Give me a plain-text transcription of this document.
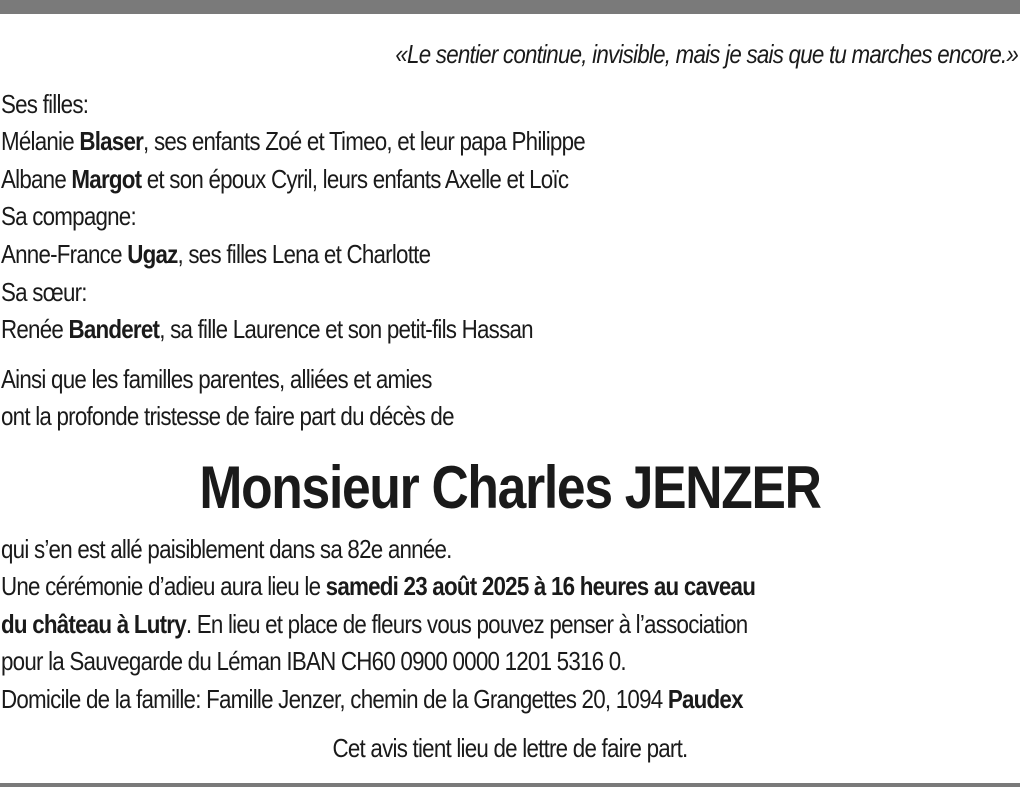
«Le sentier continue, invisible, mais je sais que tu marches encore.»
Ses filles:
Mélanie Blaser, ses enfants Zoé et Timeo, et leur papa Philippe
Albane Margot et son époux Cyril, leurs enfants Axelle et Loïc
Sa compagne:
Anne-France Ugaz, ses filles Lena et Charlotte
Sa sœur:
Renée Banderet, sa fille Laurence et son petit-fils Hassan
Ainsi que les familles parentes, alliées et amies
ont la profonde tristesse de faire part du décès de
Monsieur Charles JENZER
qui s’en est allé paisiblement dans sa 82e année.
Une cérémonie d’adieu aura lieu le samedi 23 août 2025 à 16 heures au caveau
du château à Lutry. En lieu et place de fleurs vous pouvez penser à l’association
pour la Sauvegarde du Léman IBAN CH60 0900 0000 1201 5316 0.
Domicile de la famille: Famille Jenzer, chemin de la Grangettes 20, 1094 Paudex
Cet avis tient lieu de lettre de faire part.
